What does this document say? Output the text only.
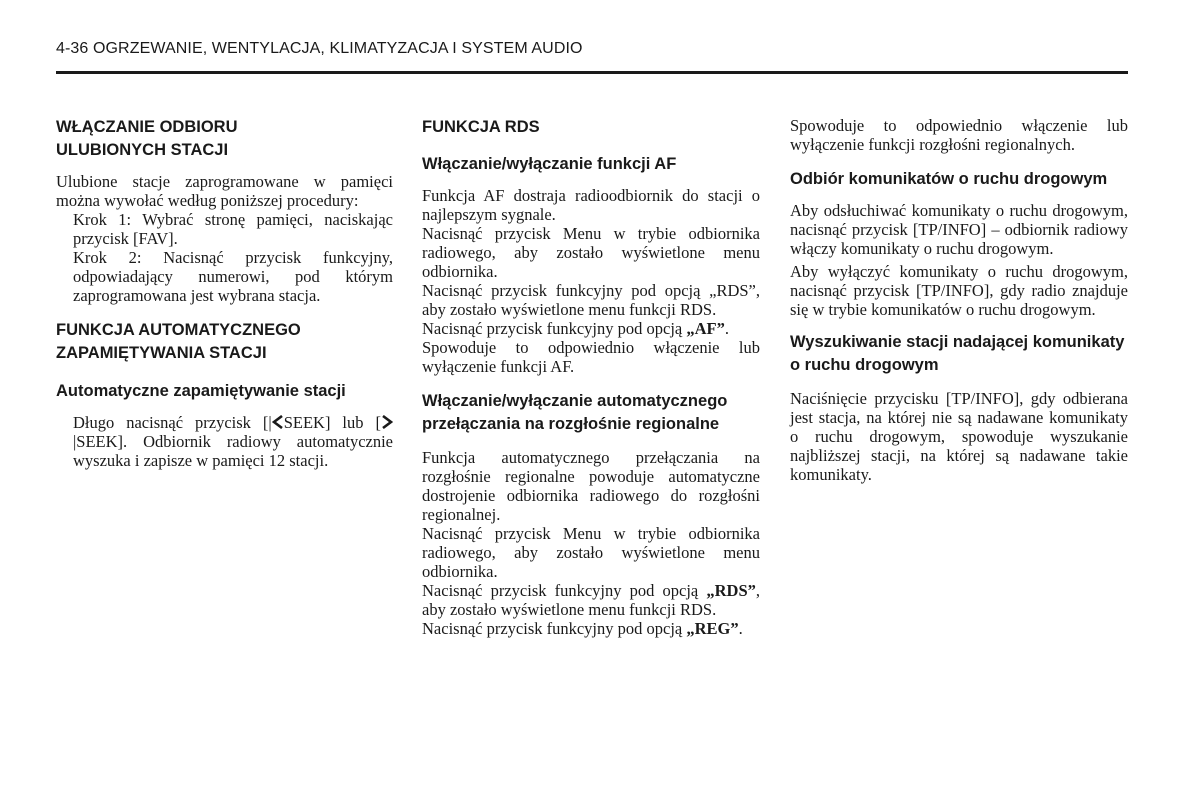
4-36 OGRZEWANIE, WENTYLACJA, KLIMATYZACJA I SYSTEM AUDIO
WŁĄCZANIE ODBIORU ULUBIONYCH STACJI

Ulubione stacje zaprogramowane w pamięci można wywołać według poniższej procedury:

Krok 1: Wybrać stronę pamięci, naciskając przycisk [FAV].

Krok 2: Nacisnąć przycisk funkcyjny, odpowiadający numerowi, pod którym zaprogramowana jest wybrana stacja.

FUNKCJA AUTOMATYCZNEGO ZAPAMIĘTYWANIA STACJI
Automatyczne zapamiętywanie stacji

Długo nacisnąć przycisk [| SEEK] lub [|SEEK]. Odbiornik radiowy automatycznie wyszuka i zapisze w pamięci 12 stacji.

FUNKCJA RDS
Włączanie/wyłączanie funkcji AF

Funkcja AF dostraja radioodbiornik do stacji o najlepszym sygnale.

Nacisnąć przycisk Menu w trybie odbiornika radiowego, aby zostało wyświetlone menu odbiornika.

Nacisnąć przycisk funkcyjny pod opcją „RDS”, aby zostało wyświetlone menu funkcji RDS.

Nacisnąć przycisk funkcyjny pod opcją „AF”.

Spowoduje to odpowiednio włączenie lub wyłączenie funkcji AF.

Włączanie/wyłączanie automatycznego przełączania na rozgłośnie regionalne

Funkcja automatycznego przełączania na rozgłośnie regionalne powoduje automatyczne dostrojenie odbiornika radiowego do rozgłośni regionalnej.

Nacisnąć przycisk Menu w trybie odbiornika radiowego, aby zostało wyświetlone menu odbiornika.

Nacisnąć przycisk funkcyjny pod opcją „RDS”, aby zostało wyświetlone menu funkcji RDS.

Nacisnąć przycisk funkcyjny pod opcją „REG”.

Spowoduje to odpowiednio włączenie lub wyłączenie funkcji rozgłośni regionalnych.

Odbiór komunikatów o ruchu drogowym

Aby odsłuchiwać komunikaty o ruchu drogowym, nacisnąć przycisk [TP/INFO] – odbiornik radiowy włączy komunikaty o ruchu drogowym.

Aby wyłączyć komunikaty o ruchu drogowym, nacisnąć przycisk [TP/INFO], gdy radio znajduje się w trybie komunikatów o ruchu drogowym.

Wyszukiwanie stacji nadającej komunikaty o ruchu drogowym

Naciśnięcie przycisku [TP/INFO], gdy odbierana jest stacja, na której nie są nadawane komunikaty o ruchu drogowym, spowoduje wyszukanie najbliższej stacji, na której są nadawane takie komunikaty.
